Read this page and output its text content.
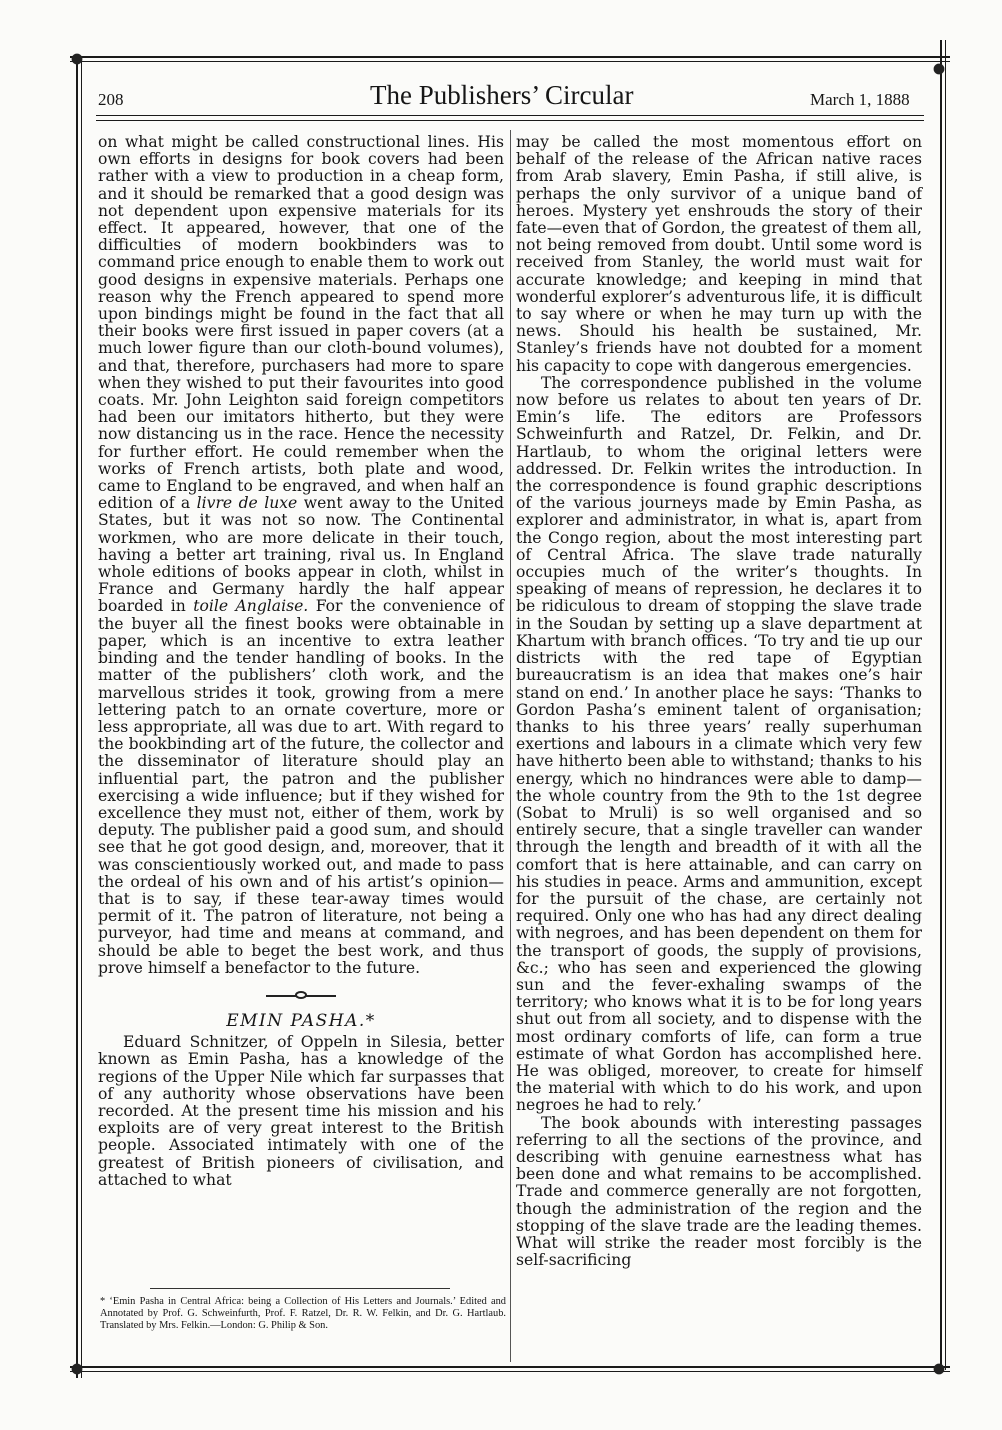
208	The Publishers’ Circular	March 1, 1888

on what might be called constructional lines. His own efforts in designs for book covers had been rather with a view to production in a cheap form, and it should be remarked that a good design was not dependent upon expensive materials for its effect. It appeared, however, that one of the difficulties of modern bookbinders was to command price enough to enable them to work out good designs in expensive materials. Perhaps one reason why the French appeared to spend more upon bindings might be found in the fact that all their books were first issued in paper covers (at a much lower figure than our cloth-bound volumes), and that, therefore, purchasers had more to spare when they wished to put their favourites into good coats. Mr. John Leighton said foreign competitors had been our imitators hitherto, but they were now distancing us in the race. Hence the necessity for further effort. He could remember when the works of French artists, both plate and wood, came to England to be engraved, and when half an edition of a livre de luxe went away to the United States, but it was not so now. The Continental workmen, who are more delicate in their touch, having a better art training, rival us. In England whole editions of books appear in cloth, whilst in France and Germany hardly the half appear boarded in toile Anglaise. For the convenience of the buyer all the finest books were obtainable in paper, which is an incentive to extra leather binding and the tender handling of books. In the matter of the publishers’ cloth work, and the marvellous strides it took, growing from a mere lettering patch to an ornate coverture, more or less appropriate, all was due to art. With regard to the bookbinding art of the future, the collector and the disseminator of literature should play an influential part, the patron and the publisher exercising a wide influence; but if they wished for excellence they must not, either of them, work by deputy. The publisher paid a good sum, and should see that he got good design, and, moreover, that it was conscientiously worked out, and made to pass the ordeal of his own and of his artist’s opinion—that is to say, if these tear-away times would permit of it. The patron of literature, not being a purveyor, had time and means at command, and should be able to beget the best work, and thus prove himself a benefactor to the future.

EMIN PASHA.*

Eduard Schnitzer, of Oppeln in Silesia, better known as Emin Pasha, has a knowledge of the regions of the Upper Nile which far surpasses that of any authority whose observations have been recorded. At the present time his mission and his exploits are of very great interest to the British people. Associated intimately with one of the greatest of British pioneers of civilisation, and attached to what

* ‘Emin Pasha in Central Africa: being a Collection of His Letters and Journals.’ Edited and Annotated by Prof. G. Schweinfurth, Prof. F. Ratzel, Dr. R. W. Felkin, and Dr. G. Hartlaub. Translated by Mrs. Felkin.—London: G. Philip & Son.

may be called the most momentous effort on behalf of the release of the African native races from Arab slavery, Emin Pasha, if still alive, is perhaps the only survivor of a unique band of heroes. Mystery yet enshrouds the story of their fate—even that of Gordon, the greatest of them all, not being removed from doubt. Until some word is received from Stanley, the world must wait for accurate knowledge; and keeping in mind that wonderful explorer’s adventurous life, it is difficult to say where or when he may turn up with the news. Should his health be sustained, Mr. Stanley’s friends have not doubted for a moment his capacity to cope with dangerous emergencies.

The correspondence published in the volume now before us relates to about ten years of Dr. Emin’s life. The editors are Professors Schweinfurth and Ratzel, Dr. Felkin, and Dr. Hartlaub, to whom the original letters were addressed. Dr. Felkin writes the introduction. In the correspondence is found graphic descriptions of the various journeys made by Emin Pasha, as explorer and administrator, in what is, apart from the Congo region, about the most interesting part of Central Africa. The slave trade naturally occupies much of the writer’s thoughts. In speaking of means of repression, he declares it to be ridiculous to dream of stopping the slave trade in the Soudan by setting up a slave department at Khartum with branch offices. ‘To try and tie up our districts with the red tape of Egyptian bureaucratism is an idea that makes one’s hair stand on end.’ In another place he says: ‘Thanks to Gordon Pasha’s eminent talent of organisation; thanks to his three years’ really superhuman exertions and labours in a climate which very few have hitherto been able to withstand; thanks to his energy, which no hindrances were able to damp—the whole country from the 9th to the 1st degree (Sobat to Mruli) is so well organised and so entirely secure, that a single traveller can wander through the length and breadth of it with all the comfort that is here attainable, and can carry on his studies in peace. Arms and ammunition, except for the pursuit of the chase, are certainly not required. Only one who has had any direct dealing with negroes, and has been dependent on them for the transport of goods, the supply of provisions, &c.; who has seen and experienced the glowing sun and the fever-exhaling swamps of the territory; who knows what it is to be for long years shut out from all society, and to dispense with the most ordinary comforts of life, can form a true estimate of what Gordon has accomplished here. He was obliged, moreover, to create for himself the material with which to do his work, and upon negroes he had to rely.’

The book abounds with interesting passages referring to all the sections of the province, and describing with genuine earnestness what has been done and what remains to be accomplished. Trade and commerce generally are not forgotten, though the administration of the region and the stopping of the slave trade are the leading themes. What will strike the reader most forcibly is the self-sacrificing
